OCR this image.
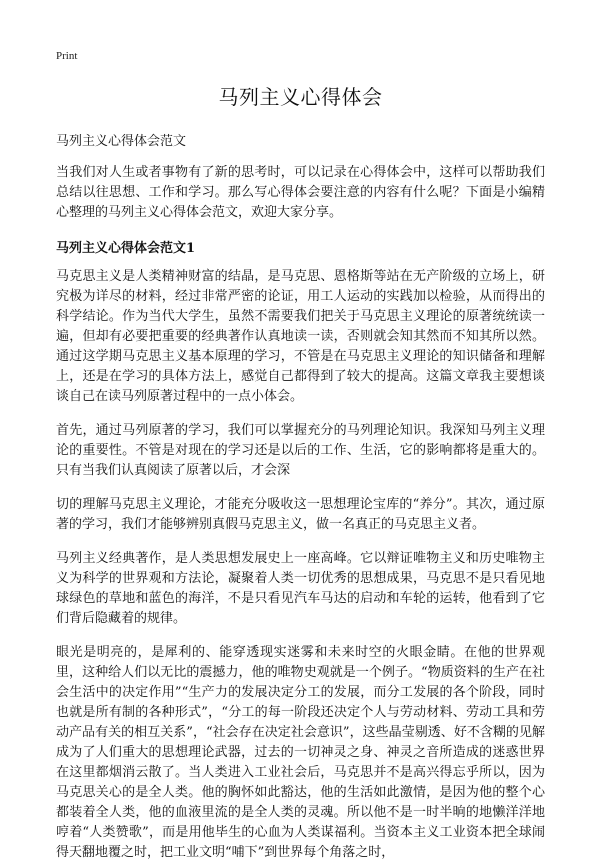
Print
马列主义心得体会
马列主义心得体会范文

当我们对人生或者事物有了新的思考时，可以记录在心得体会中，这样可以帮助我们总结以往思想、工作和学习。那么写心得体会要注意的内容有什么呢？下面是小编精心整理的马列主义心得体会范文，欢迎大家分享。

马列主义心得体会范文1

马克思主义是人类精神财富的结晶，是马克思、恩格斯等站在无产阶级的立场上，研究极为详尽的材料，经过非常严密的论证，用工人运动的实践加以检验，从而得出的科学结论。作为当代大学生，虽然不需要我们把关于马克思主义理论的原著统统读一遍，但却有必要把重要的经典著作认真地读一读，否则就会知其然而不知其所以然。通过这学期马克思主义基本原理的学习，不管是在马克思主义理论的知识储备和理解上，还是在学习的具体方法上，感觉自己都得到了较大的提高。这篇文章我主要想谈谈自己在读马列原著过程中的一点小体会。

首先，通过马列原著的学习，我们可以掌握充分的马列理论知识。我深知马列主义理论的重要性。不管是对现在的学习还是以后的工作、生活，它的影响都将是重大的。只有当我们认真阅读了原著以后，才会深

切的理解马克思主义理论，才能充分吸收这一思想理论宝库的“养分”。其次，通过原著的学习，我们才能够辨别真假马克思主义，做一名真正的马克思主义者。

马列主义经典著作，是人类思想发展史上一座高峰。它以辩证唯物主义和历史唯物主义为科学的世界观和方法论，凝聚着人类一切优秀的思想成果，马克思不是只看见地球绿色的草地和蓝色的海洋，不是只看见汽车马达的启动和车轮的运转，他看到了它们背后隐藏着的规律。

眼光是明亮的，是犀利的、能穿透现实迷雾和未来时空的火眼金睛。在他的世界观里，这种给人们以无比的震撼力，他的唯物史观就是一个例子。“物质资料的生产在社会生活中的决定作用”“生产力的发展决定分工的发展，而分工发展的各个阶段，同时也就是所有制的各种形式”，“分工的每一阶段还决定个人与劳动材料、劳动工具和劳动产品有关的相互关系”，“社会存在决定社会意识”，这些晶莹剔透、好不含糊的见解成为了人们重大的思想理论武器，过去的一切神灵之身、神灵之音所造成的迷惑世界在这里都烟消云散了。当人类进入工业社会后，马克思并不是高兴得忘乎所以，因为马克思关心的是全人类。他的胸怀如此豁达，他的生活如此激情，是因为他的整个心都装着全人类，他的血液里流的是全人类的灵魂。所以他不是一时半晌的地懒洋洋地哼着“人类赞歌”，而是用他毕生的心血为人类谋福利。当资本主义工业资本把全球闹得天翻地覆之时，把工业文明“哺下”到世界每个角落之时，
